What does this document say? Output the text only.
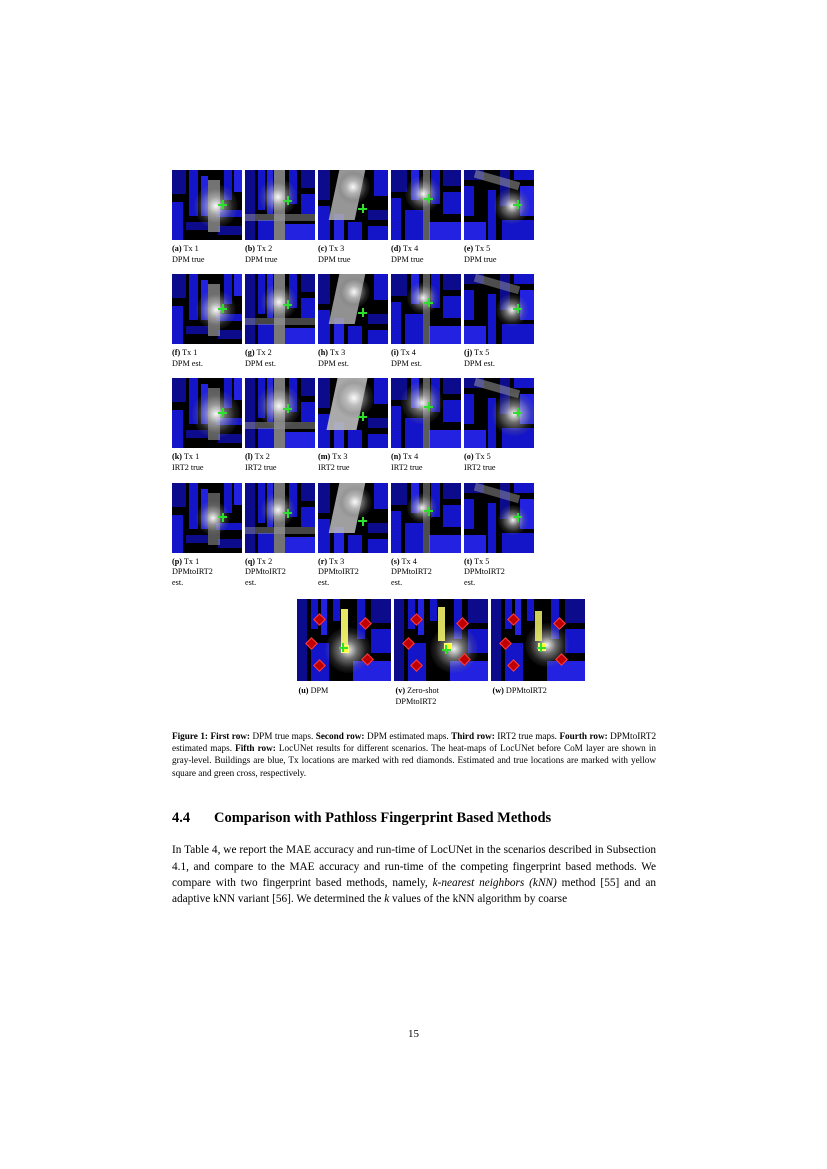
(a) Tx 1
DPM true
(b) Tx 2
DPM true
(c) Tx 3
DPM true
(d) Tx 4
DPM true
(e) Tx 5
DPM true
(f) Tx 1
DPM est.
(g) Tx 2
DPM est.
(h) Tx 3
DPM est.
(i) Tx 4
DPM est.
(j) Tx 5
DPM est.
(k) Tx 1
IRT2 true
(l) Tx 2
IRT2 true
(m) Tx 3
IRT2 true
(n) Tx 4
IRT2 true
(o) Tx 5
IRT2 true
(p) Tx 1
DPMtoIRT2
est.
(q) Tx 2
DPMtoIRT2
est.
(r) Tx 3
DPMtoIRT2
est.
(s) Tx 4
DPMtoIRT2
est.
(t) Tx 5
DPMtoIRT2
est.
(u) DPM	(v) Zero-shot
DPMtoIRT2
(w) DPMtoIRT2
Figure 1: First row: DPM true maps. Second row: DPM estimated maps. Third row: IRT2 true maps. Fourth row: DPMtoIRT2 estimated maps. Fifth row: LocUNet results for different scenarios. The heat-maps of LocUNet before CoM layer are shown in gray-level. Buildings are blue, Tx locations are marked with red diamonds. Estimated and true locations are marked with yellow square and green cross, respectively.
4.4 Comparison with Pathloss Fingerprint Based Methods
In Table 4, we report the MAE accuracy and run-time of LocUNet in the scenarios described in Subsection 4.1, and compare to the MAE accuracy and run-time of the competing fingerprint based methods. We compare with two fingerprint based methods, namely, k-nearest neighbors (kNN) method [55] and an adaptive kNN variant [56]. We determined the k values of the kNN algorithm by coarse
15
